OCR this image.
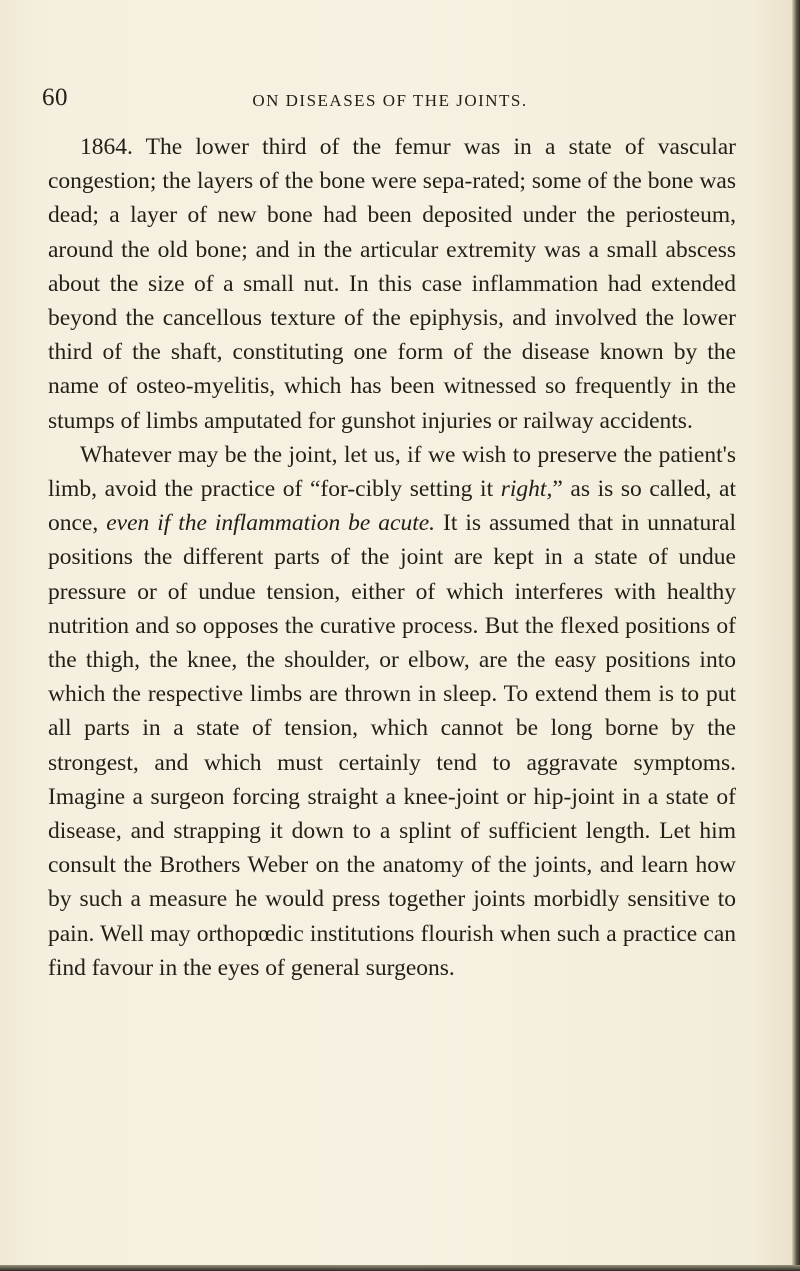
60	ON DISEASES OF THE JOINTS.

1864. The lower third of the femur was in a state of vascular congestion; the layers of the bone were sepa-rated; some of the bone was dead; a layer of new bone had been deposited under the periosteum, around the old bone; and in the articular extremity was a small abscess about the size of a small nut. In this case inflammation had extended beyond the cancellous texture of the epiphysis, and involved the lower third of the shaft, constituting one form of the disease known by the name of osteo-myelitis, which has been witnessed so frequently in the stumps of limbs amputated for gunshot injuries or railway accidents.

Whatever may be the joint, let us, if we wish to preserve the patient's limb, avoid the practice of “for-cibly setting it right,” as is so called, at once, even if the inflammation be acute. It is assumed that in unnatural positions the different parts of the joint are kept in a state of undue pressure or of undue tension, either of which interferes with healthy nutrition and so opposes the curative process. But the flexed positions of the thigh, the knee, the shoulder, or elbow, are the easy positions into which the respective limbs are thrown in sleep. To extend them is to put all parts in a state of tension, which cannot be long borne by the strongest, and which must certainly tend to aggravate symptoms. Imagine a surgeon forcing straight a knee-joint or hip-joint in a state of disease, and strapping it down to a splint of sufficient length. Let him consult the Brothers Weber on the anatomy of the joints, and learn how by such a measure he would press together joints morbidly sensitive to pain. Well may orthopœdic institutions flourish when such a practice can find favour in the eyes of general surgeons.
